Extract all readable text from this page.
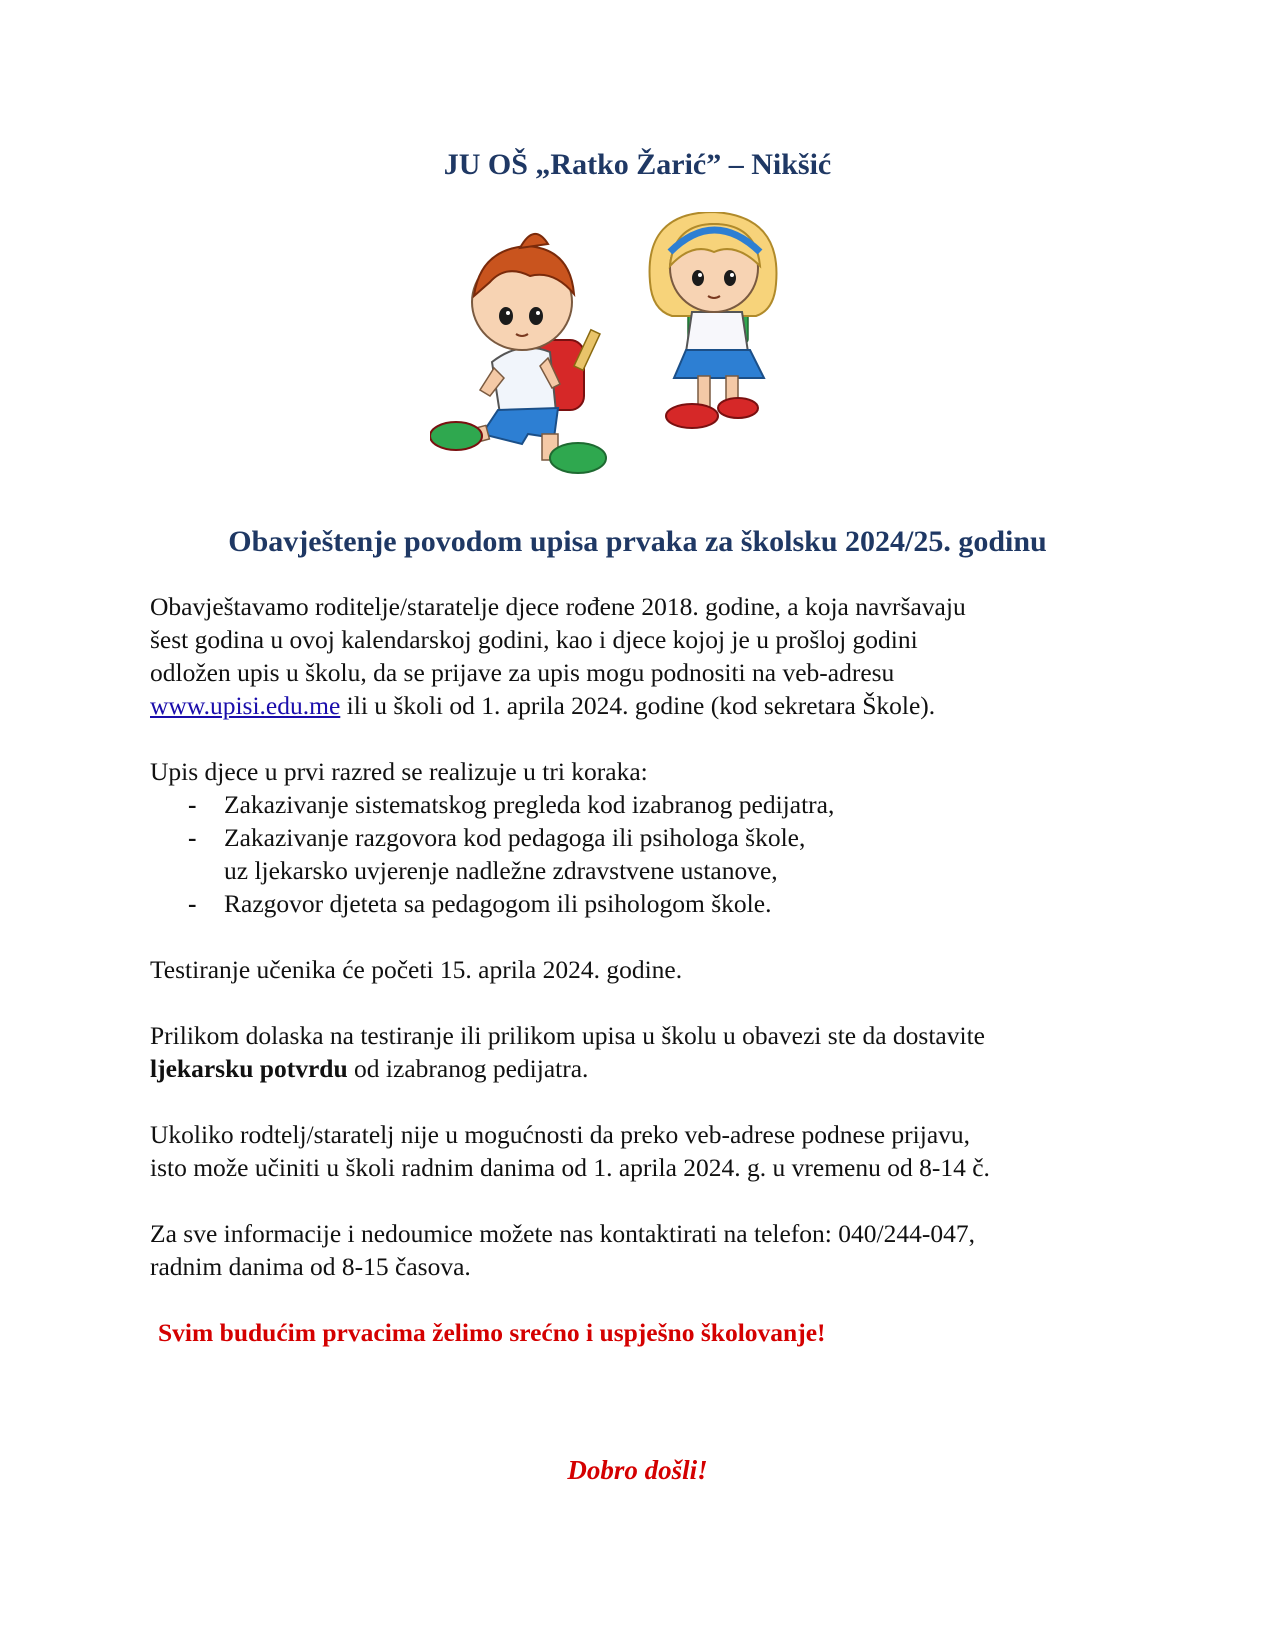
JU OŠ „Ratko Žarić” – Nikšić
Obavještenje povodom upisa prvaka za školsku 2024/25. godinu

Obavještavamo roditelje/staratelje djece rođene 2018. godine, a koja navršavaju
šest godina u ovoj kalendarskoj godini, kao i djece kojoj je u prošloj godini
odložen upis u školu, da se prijave za upis mogu podnositi na veb-adresu
www.upisi.edu.me ili u školi od 1. aprila 2024. godine (kod sekretara Škole).

Upis djece u prvi razred se realizuje u tri koraka:

- Zakazivanje sistematskog pregleda kod izabranog pedijatra,
- Zakazivanje razgovora kod pedagoga ili psihologa škole,
uz ljekarsko uvjerenje nadležne zdravstvene ustanove,
- Razgovor djeteta sa pedagogom ili psihologom škole.

Testiranje učenika će početi 15. aprila 2024. godine.

Prilikom dolaska na testiranje ili prilikom upisa u školu u obavezi ste da dostavite
ljekarsku potvrdu od izabranog pedijatra.

Ukoliko rodtelj/staratelj nije u mogućnosti da preko veb-adrese podnese prijavu,
isto može učiniti u školi radnim danima od 1. aprila 2024. g. u vremenu od 8-14 č.

Za sve informacije i nedoumice možete nas kontaktirati na telefon: 040/244-047,
radnim danima od 8-15 časova.

Svim budućim prvacima želimo srećno i uspješno školovanje!

Dobro došli!
